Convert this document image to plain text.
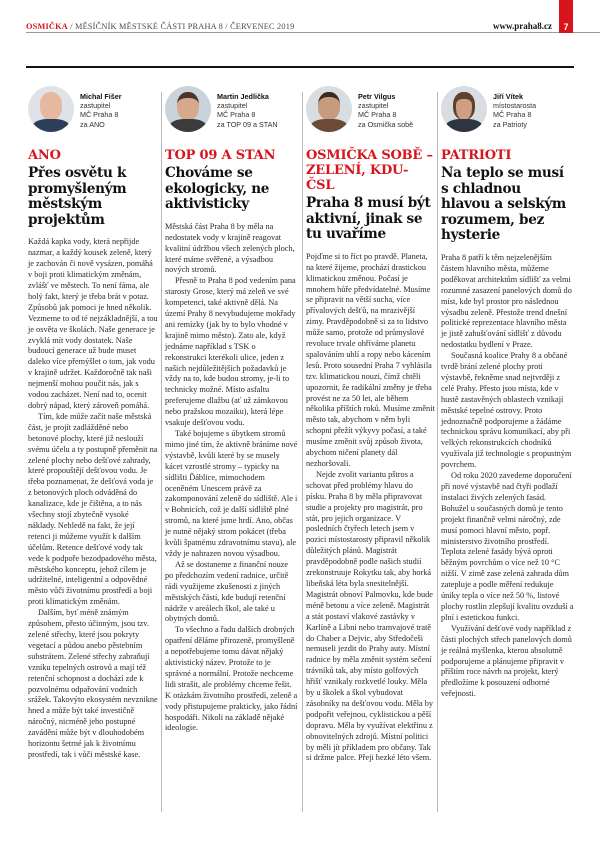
OSMIČKA / MĚSÍČNÍK MĚSTSKÉ ČÁSTI PRAHA 8 / ČERVENEC 2019	www.praha8.cz	7
Michal Fišer
zastupitel
MČ Praha 8
za ANO
ANO
Přes osvětu k promyšleným městským projektům

Každá kapka vody, která nepřijde nazmar, a každý kousek zeleně, který je zachován či nově vysázen, pomáhá v boji proti klimatickým změnám, zvlášť ve městech. To není fáma, ale holý fakt, který je třeba brát v potaz. Způsobů jak pomoci je hned několik. Vezmeme to od té nejzákladnější, a tou je osvěta ve školách. Naše generace je zvyklá mít vody dostatek. Naše budoucí generace už bude muset daleko více přemýšlet o tom, jak vodu v krajině udržet. Každoročně tak naši nejmenší mohou poučit nás, jak s vodou zacházet. Není nad to, ocenit dobrý nápad, který zároveň pomáhá.

Tím, kde může začít naše městská část, je projít zadlážděné nebo betonové plochy, které již neslouží svému účelu a ty postupně přeměnit na zelené plochy nebo dešťové zahrady, které propouštějí dešťovou vodu. Je třeba poznamenat, že dešťová voda je z betonových ploch odváděná do kanalizace, kde je čištěna, a to nás všechny stojí zbytečně vysoké náklady. Nehledě na fakt, že její retenci ji můžeme využít k dalším účelům. Retence dešťové vody tak vede k podpoře bezodpadového města, městského konceptu, jehož cílem je udržitelné, inteligentní a odpovědné město vůči životnímu prostředí a boji proti klimatickým změnám.

Dalším, byť méně známým způsobem, přesto účinným, jsou tzv. zelené střechy, které jsou pokryty vegetací a půdou anebo pěstebním substrátem. Zelené střechy zabraňují vzniku tepelných ostrovů a mají též retenční schopnost a dochází zde k pozvolnému odpařování vodních srážek. Takovýto ekosystém nevznikne hned a může být také investičně náročný, nicméně jeho postupné zavádění může být v dlouhodobém horizontu šetrné jak k životnímu prostředí, tak i vůči městské kase.

Martin Jedlička
zastupitel
MČ Praha 8
za TOP 09 a STAN
TOP 09 A STAN
Chováme se ekologicky, ne aktivisticky

Městská část Praha 8 by měla na nedostatek vody v krajině reagovat kvalitní údržbou všech zelených ploch, které máme svěřené, a výsadbou nových stromů.

Přesně to Praha 8 pod vedením pana starosty Grose, který má zeleň ve své kompetenci, také aktivně dělá. Na území Prahy 8 nevybudujeme mokřady ani remízky (jak by to bylo vhodné v krajině mimo město). Zato ale, když jednáme například s TSK o rekonstrukci kterékoli ulice, jeden z našich nejdůležitějších požadavků je vždy na to, kde budou stromy, je-li to technicky možné. Místo asfaltu preferujeme dlažbu (ať už zámkovou nebo pražskou mozaiku), která lépe vsakuje dešťovou vodu.

Také bojujeme s úbytkem stromů mimo jiné tím, že aktivně bráníme nové výstavbě, kvůli které by se musely kácet vzrostlé stromy – typicky na sídlišti Ďáblice, mimochodem oceněném Unescem právě za zakomponování zeleně do sídliště. Ale i v Bohnicích, což je další sídliště plné stromů, na které jsme hrdí. Ano, občas je nutné nějaký strom pokácet (třeba kvůli špatnému zdravotnímu stavu), ale vždy je nahrazen novou výsadbou.

Až se dostaneme z finanční nouze po předchozím vedení radnice, určitě rádi využijeme zkušenosti z jiných městských částí, kde budují retenční nádrže v areálech škol, ale také u obytných domů.

To všechno a řadu dalších drobných opatření děláme přirozeně, promyšleně a nepotřebujeme tomu dávat nějaký aktivistický název. Protože to je správné a normální. Protože nechceme lidi strašit, ale problémy chceme řešit. K otázkám životního prostředí, zeleně a vody přistupujeme prakticky, jako řádní hospodáři. Nikoli na základě nějaké ideologie.

Petr Vilgus
zastupitel
MČ Praha 8
za Osmička sobě
OSMIČKA SOBĚ – ZELENÍ, KDU-ČSL
Praha 8 musí být aktivní, jinak se tu uvaříme

Pojďme si to říct po pravdě. Planeta, na které žijeme, prochází drastickou klimatickou změnou. Počasí je mnohem hůře předvídatelné. Musíme se připravit na větší sucha, více přívalových dešťů, na mrazivější zimy. Pravděpodobně si za to lidstvo může samo, protože od průmyslové revoluce trvale ohříváme planetu spalováním uhlí a ropy nebo kácením lesů. Proto sousední Praha 7 vyhlásila tzv. klimatickou nouzi, čímž chtěli upozornit, že radikální změny je třeba provést ne za 50 let, ale během několika příštích roků. Musíme změnit město tak, abychom v něm byli schopni přežít výkyvy počasí, a také musíme změnit svůj způsob života, abychom ničení planety dál nezhoršovali.

Nejde zvolit variantu pštros a schovat před problémy hlavu do písku. Praha 8 by měla připravovat studie a projekty pro magistrát, pro stát, pro jejich organizace. V posledních čtyřech letech jsem v pozici místostarosty připravil několik důležitých plánů. Magistrát pravděpodobně podle našich studií zrekonstruuje Rokytku tak, aby horká libeňská léta byla snesitelnější. Magistrát obnoví Palmovku, kde bude méně betonu a více zeleně. Magistrát a stát postaví vlakové zastávky v Karlíně a Libni nebo tramvajové tratě do Chaber a Dejvic, aby Středočeši nemuseli jezdit do Prahy auty. Místní radnice by měla změnit systém sečení trávníků tak, aby místo golfových hřišť vznikaly rozkvetlé louky. Měla by u školek a škol vybudovat zásobníky na dešťovou vodu. Měla by podpořit veřejnou, cyklistickou a pěší dopravu. Měla by využívat elektřinu z obnovitelných zdrojů. Místní politici by měli jít příkladem pro občany. Tak si držme palce. Přeji hezké léto všem.

Jiří Vítek
místostarosta
MČ Praha 8
za Patrioty
PATRIOTI
Na teplo se musí s chladnou hlavou a selským rozumem, bez hysterie

Praha 8 patří k těm nejzelenějším částem hlavního města, můžeme poděkovat architektům sídlišť za velmi rozumné zasazení panelových domů do míst, kde byl prostor pro následnou výsadbu zeleně. Přestože trend dnešní politické reprezentace hlavního města je jistě zahušťování sídlišť z důvodu nedostatku bydlení v Praze.

Současná koalice Prahy 8 a občané tvrdě brání zelené plochy proti výstavbě, řekněme snad nejtvrději z celé Prahy. Přesto jsou místa, kde v hustě zastavěných oblastech vznikají městské tepelné ostrovy. Proto jednoznačně podporujeme a žádáme technickou správu komunikací, aby při velkých rekonstrukcích chodníků využívala již technologie s propustným povrchem.

Od roku 2020 zavedeme doporučení při nové výstavbě nad čtyři podlaží instalaci živých zelených fasád. Bohužel u současných domů je tento projekt finančně velmi náročný, zde musí pomoci hlavní město, popř. ministerstvo životního prostředí. Teplota zelené fasády bývá oproti běžným povrchům o více než 10 °C nižší. V zimě zase zelená zahrada dům zatepluje a podle měření redukuje úniky tepla o více než 50 %, listové plochy rostlin zlepšují kvalitu ovzduší a plní i estetickou funkci.

Využívání dešťové vody například z části plochých střech panelových domů je reálná myšlenka, kterou absolutně podporujeme a plánujeme připravit v příštím roce návrh na projekt, který předložíme k posouzení odborné veřejnosti.
